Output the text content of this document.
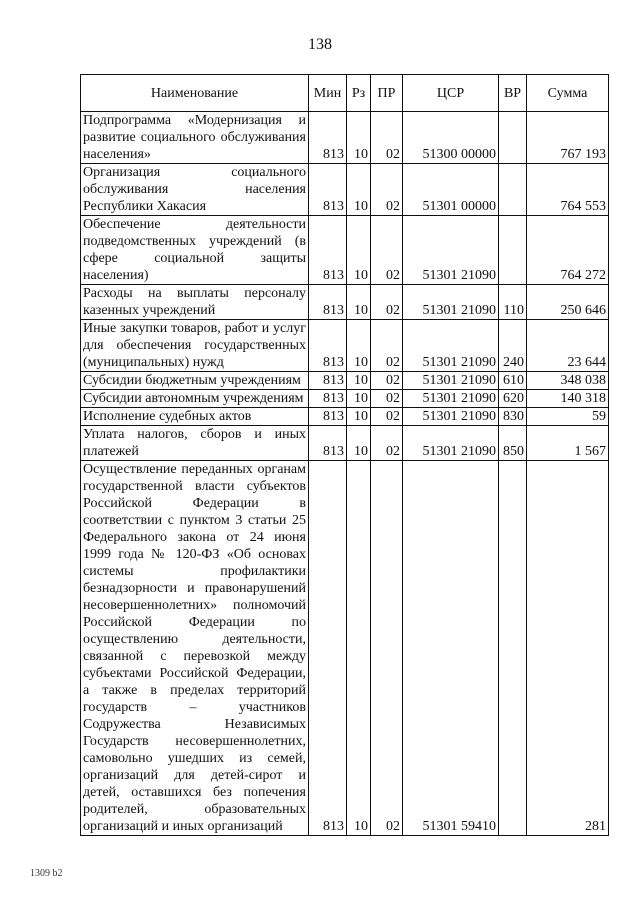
138
Наименование	Мин	Рз	ПР	ЦСР	ВР	Сумма
Подпрограмма «Модернизация и развитие социального обслуживания населения»	813	10	02	51300 00000		767 193
Организация социального обслуживания населения Республики Хакасия	813	10	02	51301 00000		764 553
Обеспечение деятельности подведомственных учреждений (в сфере социальной защиты населения)	813	10	02	51301 21090		764 272
Расходы на выплаты персоналу казенных учреждений	813	10	02	51301 21090	110	250 646
Иные закупки товаров, работ и услуг для обеспечения государственных (муниципальных) нужд	813	10	02	51301 21090	240	23 644
Субсидии бюджетным учреждениям	813	10	02	51301 21090	610	348 038
Субсидии автономным учреждениям	813	10	02	51301 21090	620	140 318
Исполнение судебных актов	813	10	02	51301 21090	830	59
Уплата налогов, сборов и иных платежей	813	10	02	51301 21090	850	1 567
Осуществление переданных органам государственной власти субъектов Российской Федерации в соответствии с пунктом 3 статьи 25 Федерального закона от 24 июня 1999 года № 120-ФЗ «Об основах системы профилактики безнадзорности и правонарушений несовершеннолетних» полномочий Российской Федерации по осуществлению деятельности, связанной с перевозкой между субъектами Российской Федерации, а также в пределах территорий государств – участников Содружества Независимых Государств несовершеннолетних, самовольно ушедших из семей, организаций для детей-сирот и детей, оставшихся без попечения родителей, образовательных организаций и иных организаций	813	10	02	51301 59410		281
1309 b2
